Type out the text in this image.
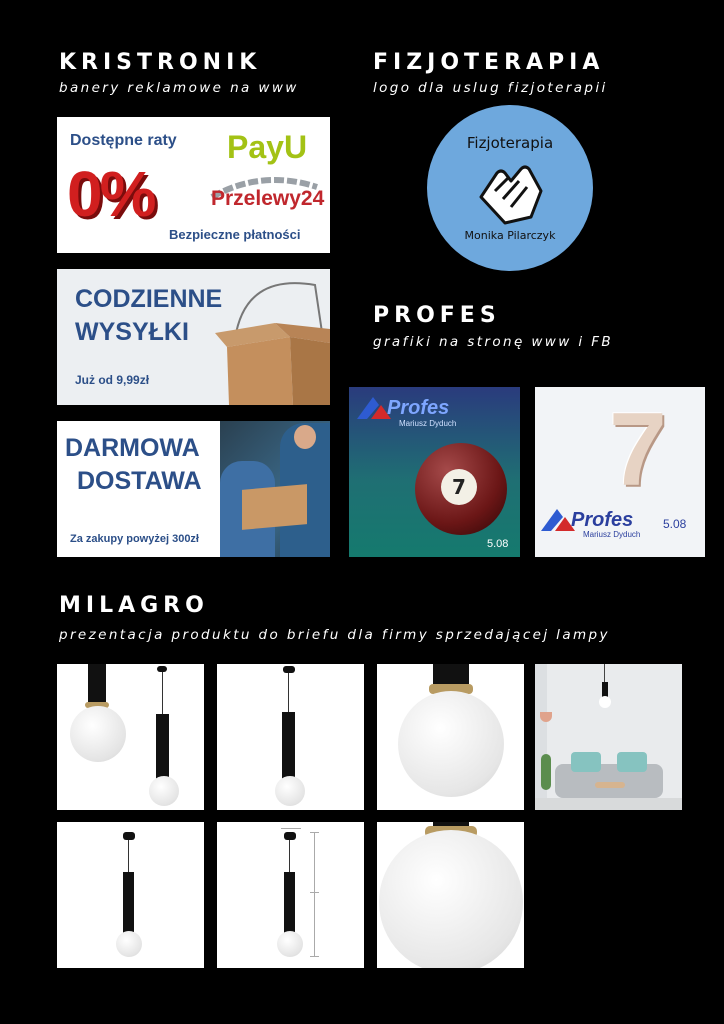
KRISTRONIK
banery reklamowe na www
Dostępne raty
0%
PayU
Przelewy24
Bezpieczne płatności
CODZIENNE
WYSYŁKI
Już od 9,99zł
DARMOWA
DOSTAWA
Za zakupy powyżej 300zł
FIZJOTERAPIA
logo dla uslug fizjoterapii
Fizjoterapia
Monika Pilarczyk
PROFES
grafiki na stronę www i FB
Profes
Mariusz Dyduch
7
5.08
7
Profes
Mariusz Dyduch
5.08
MILAGRO
prezentacja produktu do briefu dla firmy sprzedającej lampy
